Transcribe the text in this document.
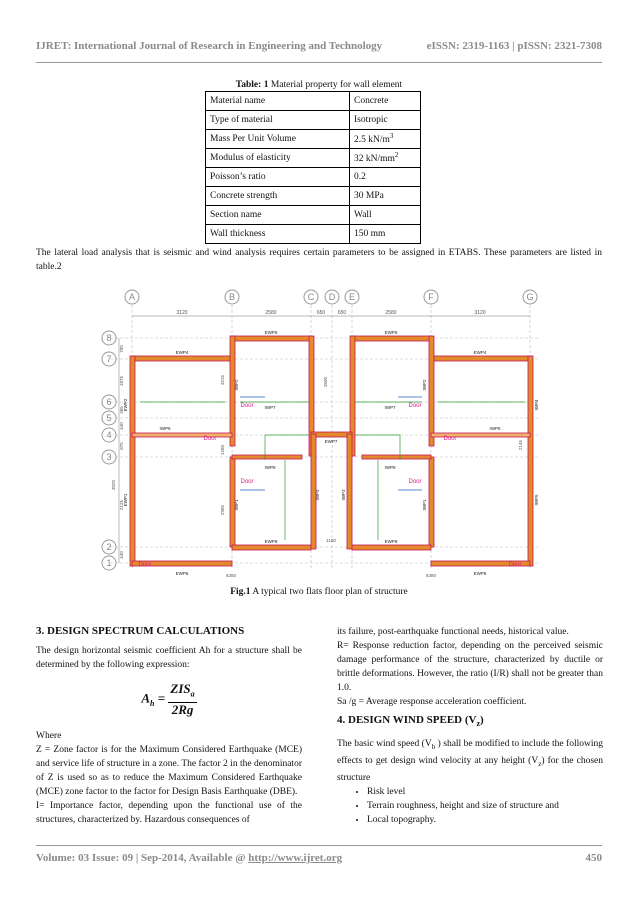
IJRET: International Journal of Research in Engineering and Technology	eISSN: 2319-1163 | pISSN: 2321-7308
Table: 1 Material property for wall element
Material name	Concrete
Type of material	Isotropic
Mass Per Unit Volume	2.5 $kN/m^3$
Modulus of elasticity	32 $kN/mm^2$
Poisson’s ratio	0.2
Concrete strength	30 MPa
Section name	Wall
Wall thickness	150 mm
The lateral load analysis that is seismic and wind analysis requires certain parameters to be assigned in ETABS. These parameters are listed in table.2
A	B	C D E	F	G
3120	2580	650	650	2580	3120
8
7
6
5
4
3
2
1
700
1875
365
440
875
3025
2125
440
EWP6	EWP6
EWP4	EWP4
EWP2
EWP1
IWP4
IWP5
IWP6	IWP6
IWP7	IWP7
IWP8	IWP8
EWP7
EWP8	EWP8
EWP5	EWP5
IWP1	IWP1
IWP2	IWP2
IWP3	IWP3
Door	Door
Door	Door
Door	Door
Door	Door
3215
1280
2985
3500
1150
2145
6350	6380
Fig.1 A typical two flats floor plan of structure
3. DESIGN SPECTRUM CALCULATIONS

The design horizontal seismic coefficient Ah for a structure shall be determined by the following expression:

$A_h = \frac{ZIS_a}{2Rg}$

Where

Z = Zone factor is for the Maximum Considered Earthquake (MCE) and service life of structure in a zone. The factor 2 in the denominator of Z is used so as to reduce the Maximum Considered Earthquake (MCE) zone factor to the factor for Design Basis Earthquake (DBE).

I= Importance factor, depending upon the functional use of the structures, characterized by. Hazardous consequences of

its failure, post-earthquake functional needs, historical value.

R= Response reduction factor, depending on the perceived seismic damage performance of the structure, characterized by ductile or brittle deformations. However, the ratio (I/R) shall not be greater than 1.0.

Sa /g = Average response acceleration coefficient.

4. DESIGN WIND SPEED $(V_z)$

The basic wind speed ($V_b$ ) shall be modified to include the following effects to get design wind velocity at any height $(V_z)$ for the chosen structure

• Risk level
• Terrain roughness, height and size of structure and
• Local topography.
Volume: 03 Issue: 09 | Sep-2014, Available @ http://www.ijret.org	450
